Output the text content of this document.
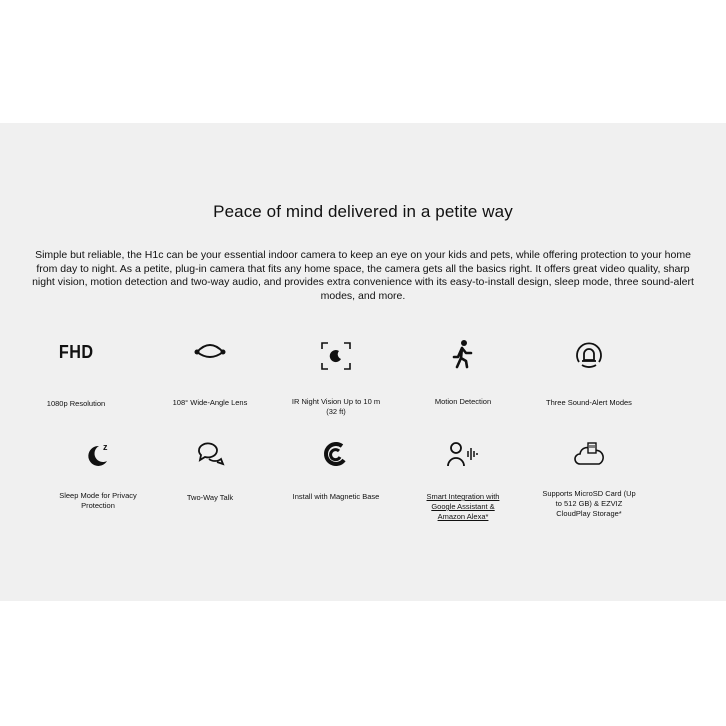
Peace of mind delivered in a petite way
Simple but reliable, the H1c can be your essential indoor camera to keep an eye on your kids and pets, while offering protection to your home from day to night. As a petite, plug-in camera that fits any home space, the camera gets all the basics right. It offers great video quality, sharp night vision, motion detection and two-way audio, and provides extra convenience with its easy-to-install design, sleep mode, three sound-alert modes, and more.
FHD
1080p Resolution	108° Wide-Angle Lens	IR Night Vision Up to 10 m (32 ft)
Motion Detection	Three Sound-Alert Modes
z
Sleep Mode for Privacy Protection
Two-Way Talk	Install with Magnetic Base	Smart Integration with Google Assistant & Amazon Alexa*
Supports MicroSD Card (Up to 512 GB) & EZVIZ CloudPlay Storage*
